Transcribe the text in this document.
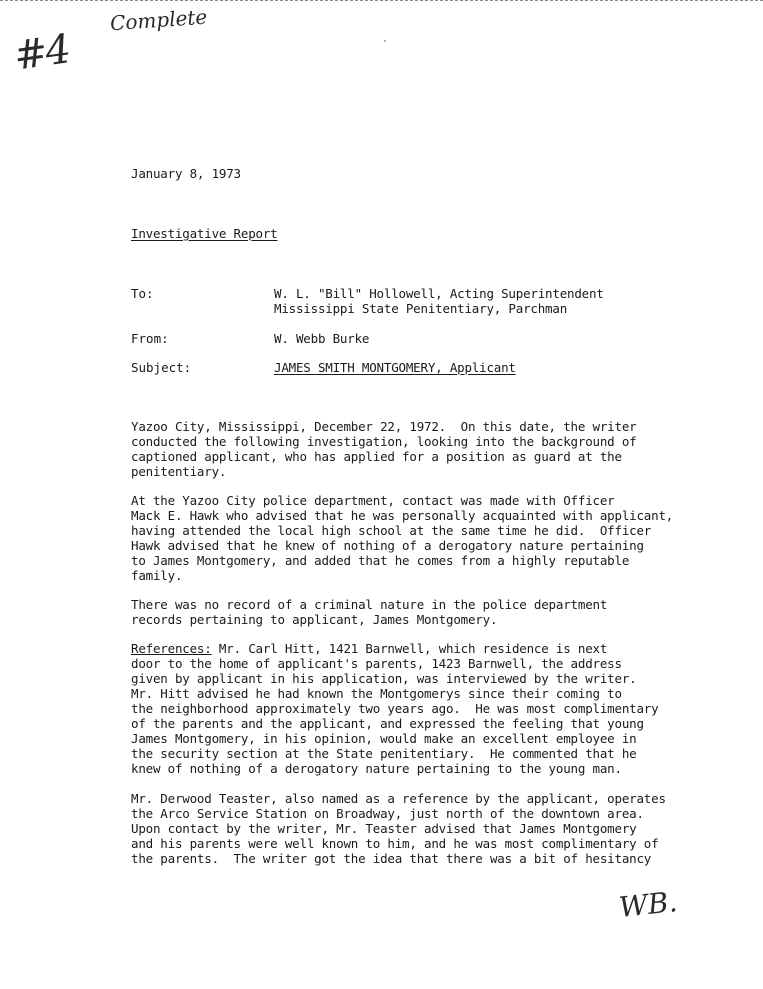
#4
Complete
January 8, 1973
Investigative Report
To:	W. L. "Bill" Hollowell, Acting Superintendent
Mississippi State Penitentiary, Parchman
From:	W. Webb Burke
Subject:	JAMES SMITH MONTGOMERY, Applicant
Yazoo City, Mississippi, December 22, 1972.  On this date, the writer
conducted the following investigation, looking into the background of
captioned applicant, who has applied for a position as guard at the
penitentiary.
At the Yazoo City police department, contact was made with Officer
Mack E. Hawk who advised that he was personally acquainted with applicant,
having attended the local high school at the same time he did.  Officer
Hawk advised that he knew of nothing of a derogatory nature pertaining
to James Montgomery, and added that he comes from a highly reputable
family.
There was no record of a criminal nature in the police department
records pertaining to applicant, James Montgomery.
References: Mr. Carl Hitt, 1421 Barnwell, which residence is next
door to the home of applicant's parents, 1423 Barnwell, the address
given by applicant in his application, was interviewed by the writer.
Mr. Hitt advised he had known the Montgomerys since their coming to
the neighborhood approximately two years ago.  He was most complimentary
of the parents and the applicant, and expressed the feeling that young
James Montgomery, in his opinion, would make an excellent employee in
the security section at the State penitentiary.  He commented that he
knew of nothing of a derogatory nature pertaining to the young man.
Mr. Derwood Teaster, also named as a reference by the applicant, operates
the Arco Service Station on Broadway, just north of the downtown area.
Upon contact by the writer, Mr. Teaster advised that James Montgomery
and his parents were well known to him, and he was most complimentary of
the parents.  The writer got the idea that there was a bit of hesitancy
WB.
